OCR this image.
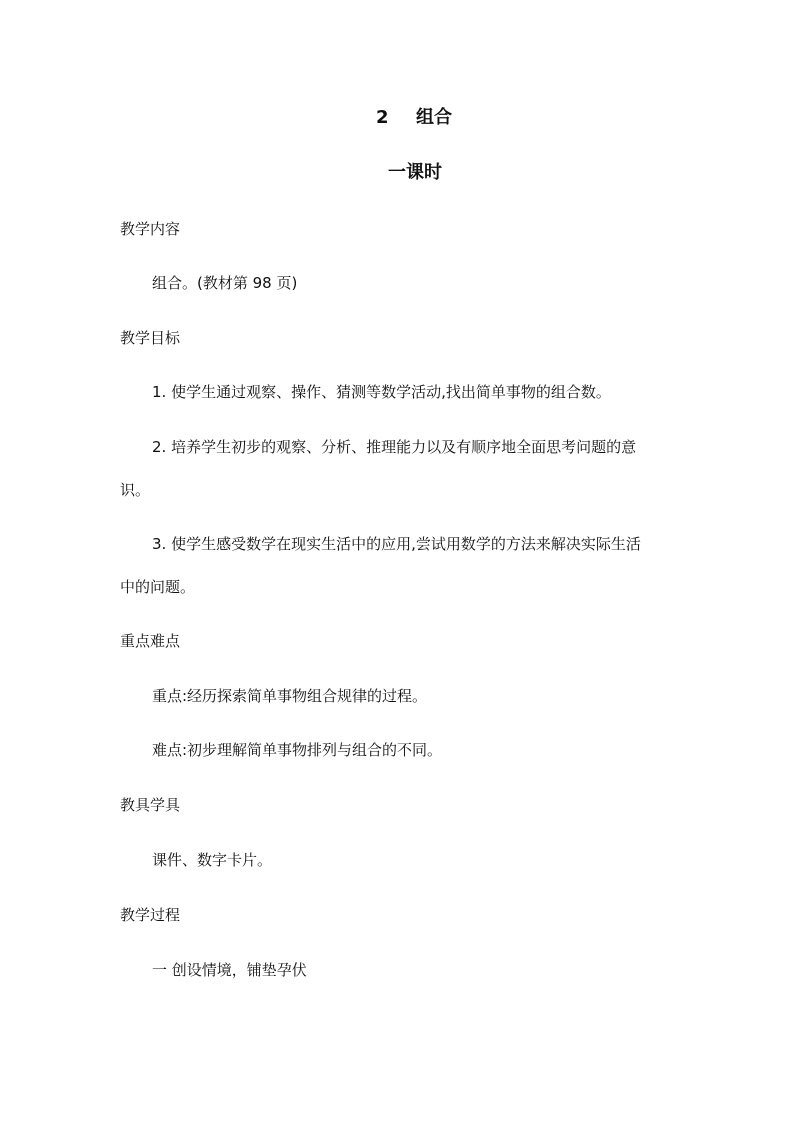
2 组合
一课时
教学内容
组合。(教材第 98 页)
教学目标
1. 使学生通过观察、操作、猜测等数学活动,找出简单事物的组合数。
2. 培养学生初步的观察、分析、推理能力以及有顺序地全面思考问题的意
识。
3. 使学生感受数学在现实生活中的应用,尝试用数学的方法来解决实际生活
中的问题。
重点难点
重点:经历探索简单事物组合规律的过程。
难点:初步理解简单事物排列与组合的不同。
教具学具
课件、数字卡片。
教学过程
一 创设情境，铺垫孕伏
